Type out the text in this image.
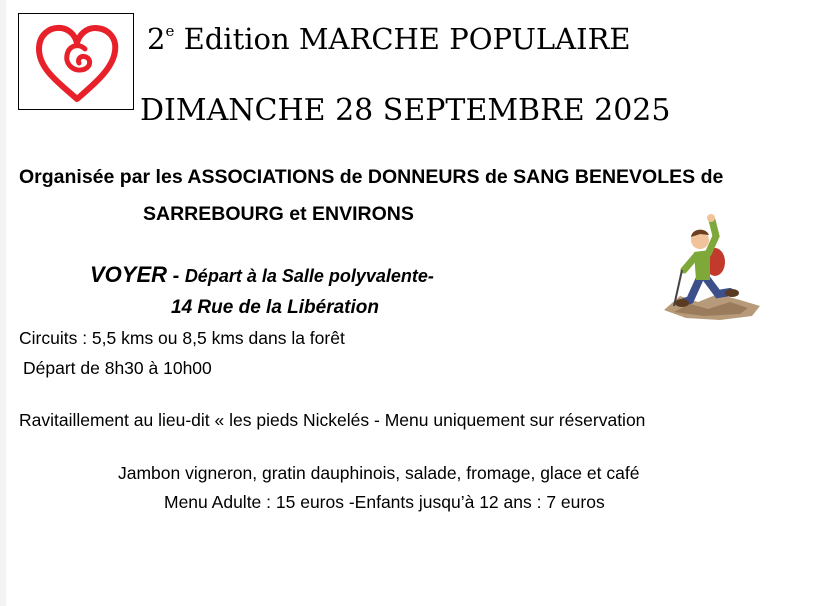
2e Edition MARCHE POPULAIRE
DIMANCHE 28 SEPTEMBRE 2025
Organisée par les ASSOCIATIONS de DONNEURS de SANG BENEVOLES de
SARREBOURG et ENVIRONS
VOYER - Départ à la Salle polyvalente-
14 Rue de la Libération
Circuits : 5,5 kms ou 8,5 kms dans la forêt
Départ de 8h30 à 10h00
Ravitaillement au lieu-dit « les pieds Nickelés - Menu uniquement sur réservation
Jambon vigneron, gratin dauphinois, salade, fromage, glace et café
Menu Adulte : 15 euros -Enfants jusqu’à 12 ans : 7 euros
